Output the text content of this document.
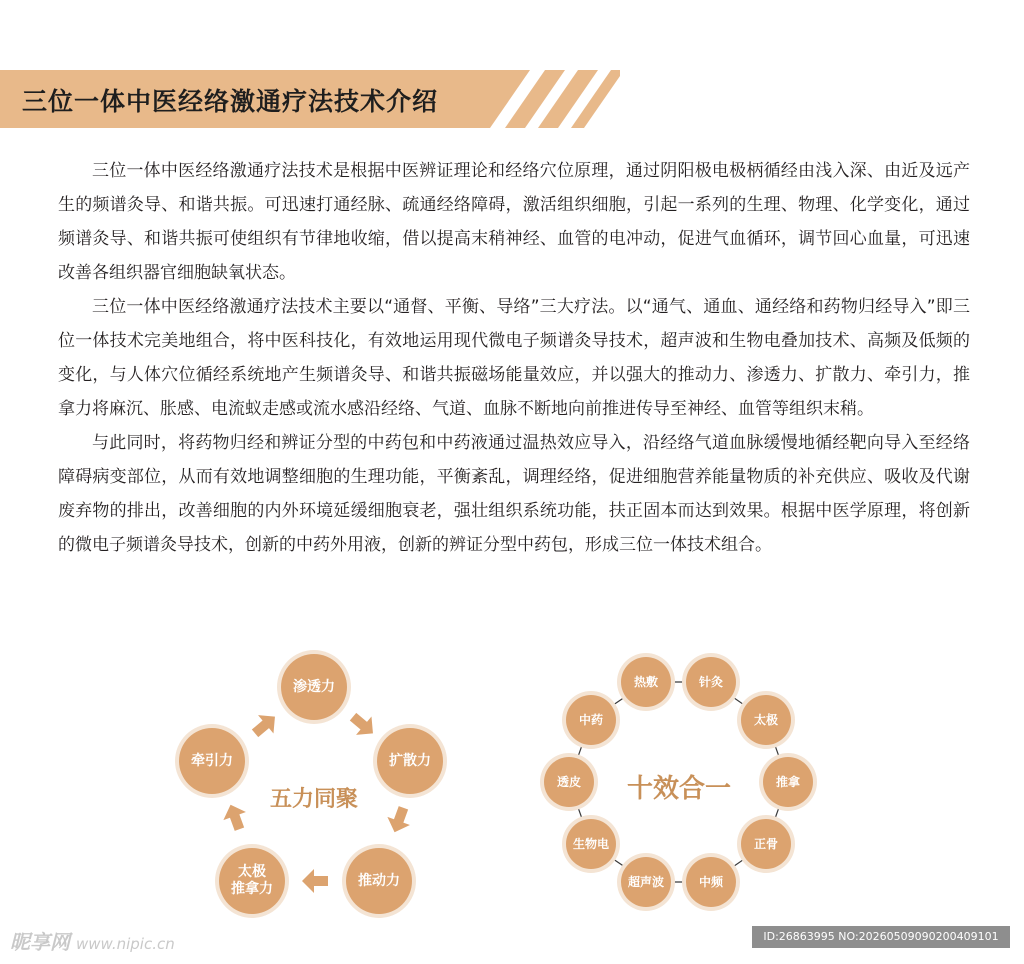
三位一体中医经络激通疗法技术介绍

三位一体中医经络激通疗法技术是根据中医辨证理论和经络穴位原理，通过阴阳极电极柄循经由浅入深、由近及远产生的频谱灸导、和谐共振。可迅速打通经脉、疏通经络障碍，激活组织细胞，引起一系列的生理、物理、化学变化，通过频谱灸导、和谐共振可使组织有节律地收缩，借以提高末稍神经、血管的电冲动，促进气血循环，调节回心血量，可迅速改善各组织器官细胞缺氧状态。

三位一体中医经络激通疗法技术主要以“通督、平衡、导络”三大疗法。以“通气、通血、通经络和药物归经导入”即三位一体技术完美地组合，将中医科技化，有效地运用现代微电子频谱灸导技术，超声波和生物电叠加技术、高频及低频的变化，与人体穴位循经系统地产生频谱灸导、和谐共振磁场能量效应，并以强大的推动力、渗透力、扩散力、牵引力，推拿力将麻沉、胀感、电流蚁走感或流水感沿经络、气道、血脉不断地向前推进传导至神经、血管等组织末稍。

与此同时，将药物归经和辨证分型的中药包和中药液通过温热效应导入，沿经络气道血脉缓慢地循经靶向导入至经络障碍病变部位，从而有效地调整细胞的生理功能，平衡紊乱，调理经络，促进细胞营养能量物质的补充供应、吸收及代谢废弃物的排出，改善细胞的内外环境延缓细胞衰老，强壮组织系统功能，扶正固本而达到效果。根据中医学原理，将创新的微电子频谱灸导技术，创新的中药外用液，创新的辨证分型中药包，形成三位一体技术组合。

渗透力
扩散力
推动力
太极
推拿力
牵引力
五力同聚
热敷	针灸
太极
推拿
正骨
中频
超声波
生物电
透皮
中药
十效合一
昵享网 www.nipic.cn	ID:26863995 NO:20260509090200409101
